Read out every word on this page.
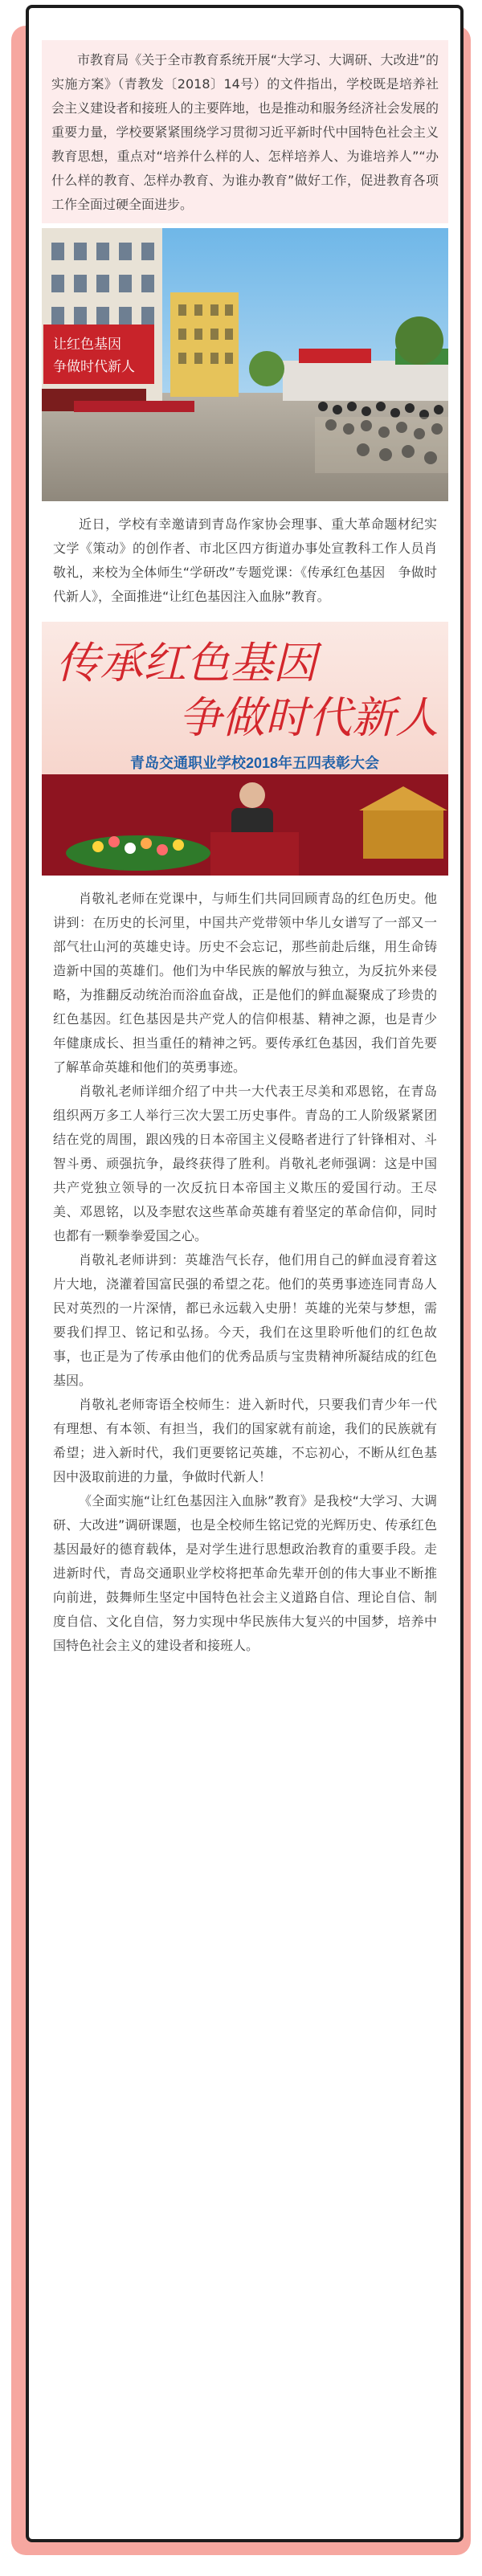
市教育局《关于全市教育系统开展“大学习、大调研、大改进”的实施方案》（青教发〔2018〕14号）的文件指出，学校既是培养社会主义建设者和接班人的主要阵地，也是推动和服务经济社会发展的重要力量，学校要紧紧围绕学习贯彻习近平新时代中国特色社会主义教育思想，重点对“培养什么样的人、怎样培养人、为谁培养人”“办什么样的教育、怎样办教育、为谁办教育”做好工作，促进教育各项工作全面过硬全面进步。

让红色基因
争做时代新人

近日，学校有幸邀请到青岛作家协会理事、重大革命题材纪实文学《策动》的创作者、市北区四方街道办事处宣教科工作人员肖敬礼，来校为全体师生“学研改”专题党课：《传承红色基因　争做时代新人》，全面推进“让红色基因注入血脉”教育。

传承红色基因
争做时代新人
青岛交通职业学校2018年五四表彰大会

肖敬礼老师在党课中，与师生们共同回顾青岛的红色历史。他讲到：在历史的长河里，中国共产党带领中华儿女谱写了一部又一部气壮山河的英雄史诗。历史不会忘记，那些前赴后继，用生命铸造新中国的英雄们。他们为中华民族的解放与独立，为反抗外来侵略，为推翻反动统治而浴血奋战，正是他们的鲜血凝聚成了珍贵的红色基因。红色基因是共产党人的信仰根基、精神之源，也是青少年健康成长、担当重任的精神之钙。要传承红色基因，我们首先要了解革命英雄和他们的英勇事迹。

肖敬礼老师详细介绍了中共一大代表王尽美和邓恩铭，在青岛组织两万多工人举行三次大罢工历史事件。青岛的工人阶级紧紧团结在党的周围，跟凶残的日本帝国主义侵略者进行了针锋相对、斗智斗勇、顽强抗争，最终获得了胜利。肖敬礼老师强调：这是中国共产党独立领导的一次反抗日本帝国主义欺压的爱国行动。王尽美、邓恩铭，以及李慰农这些革命英雄有着坚定的革命信仰，同时也都有一颗拳拳爱国之心。

肖敬礼老师讲到：英雄浩气长存，他们用自己的鲜血浸育着这片大地，浇灌着国富民强的希望之花。他们的英勇事迹连同青岛人民对英烈的一片深情，都已永远载入史册！英雄的光荣与梦想，需要我们捍卫、铭记和弘扬。今天，我们在这里聆听他们的红色故事，也正是为了传承由他们的优秀品质与宝贵精神所凝结成的红色基因。

肖敬礼老师寄语全校师生：进入新时代，只要我们青少年一代有理想、有本领、有担当，我们的国家就有前途，我们的民族就有希望；进入新时代，我们更要铭记英雄，不忘初心，不断从红色基因中汲取前进的力量，争做时代新人！

《全面实施“让红色基因注入血脉”教育》是我校“大学习、大调研、大改进”调研课题，也是全校师生铭记党的光辉历史、传承红色基因最好的德育载体，是对学生进行思想政治教育的重要手段。走进新时代，青岛交通职业学校将把革命先辈开创的伟大事业不断推向前进，鼓舞师生坚定中国特色社会主义道路自信、理论自信、制度自信、文化自信，努力实现中华民族伟大复兴的中国梦，培养中国特色社会主义的建设者和接班人。
